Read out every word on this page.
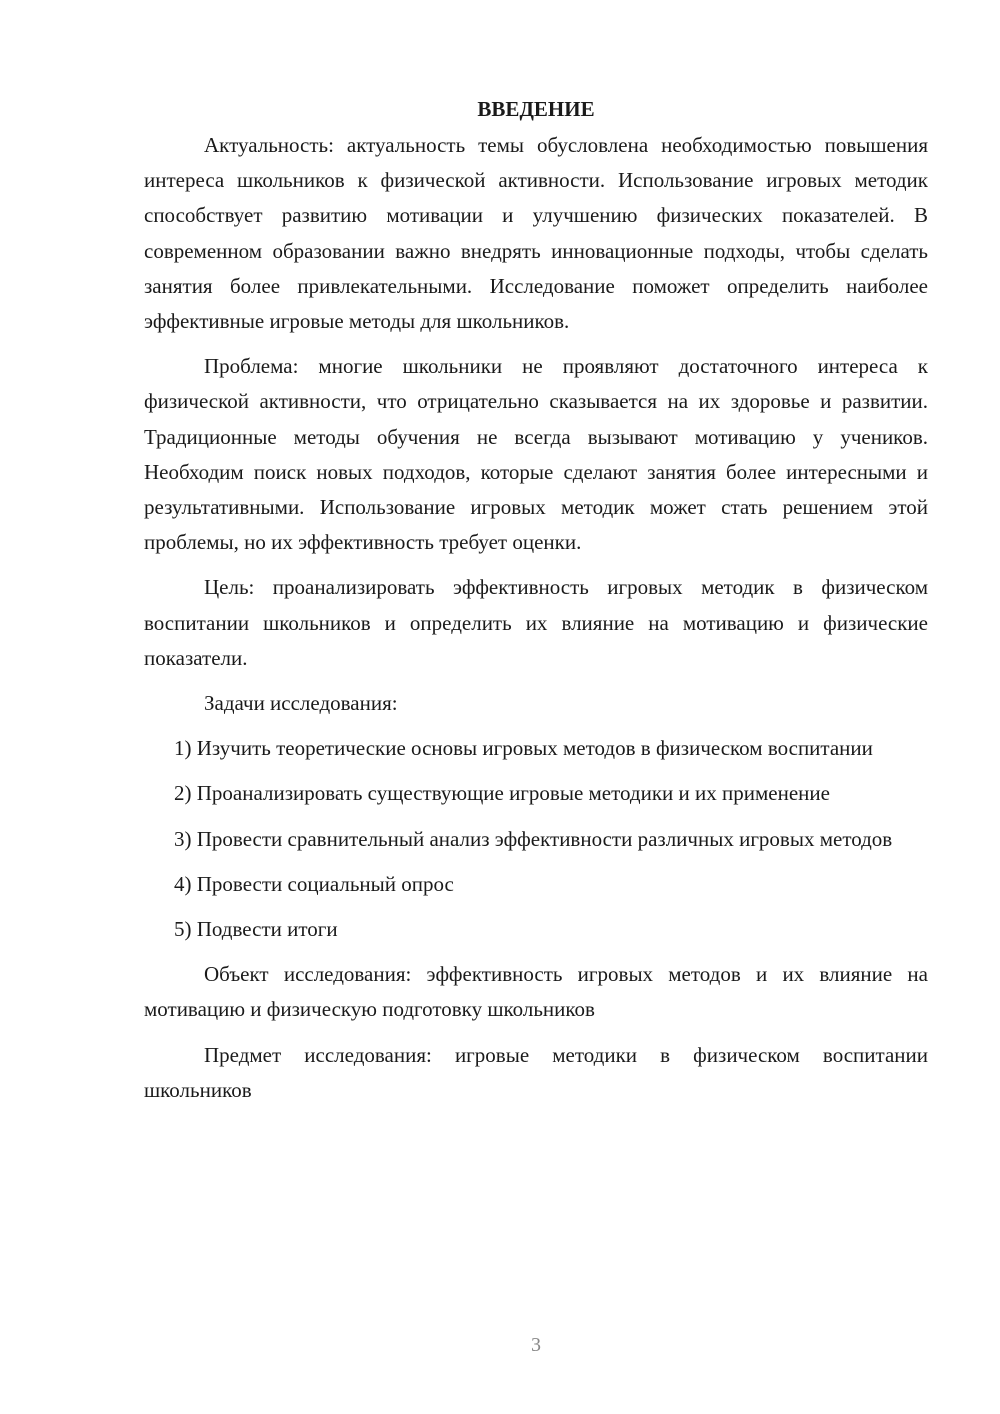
ВВЕДЕНИЕ

Актуальность: актуальность темы обусловлена необходимостью повышения интереса школьников к физической активности. Использование игровых методик способствует развитию мотивации и улучшению физических показателей. В современном образовании важно внедрять инновационные подходы, чтобы сделать занятия более привлекательными. Исследование поможет определить наиболее эффективные игровые методы для школьников.

Проблема: многие школьники не проявляют достаточного интереса к физической активности, что отрицательно сказывается на их здоровье и развитии. Традиционные методы обучения не всегда вызывают мотивацию у учеников. Необходим поиск новых подходов, которые сделают занятия более интересными и результативными. Использование игровых методик может стать решением этой проблемы, но их эффективность требует оценки.

Цель: проанализировать эффективность игровых методик в физическом воспитании школьников и определить их влияние на мотивацию и физические показатели.

Задачи исследования:

1) Изучить теоретические основы игровых методов в физическом воспитании

2) Проанализировать существующие игровые методики и их применение

3) Провести сравнительный анализ эффективности различных игровых методов

4) Провести социальный опрос

5) Подвести итоги

Объект исследования: эффективность игровых методов и их влияние на мотивацию и физическую подготовку школьников

Предмет исследования: игровые методики в физическом воспитании школьников

3
